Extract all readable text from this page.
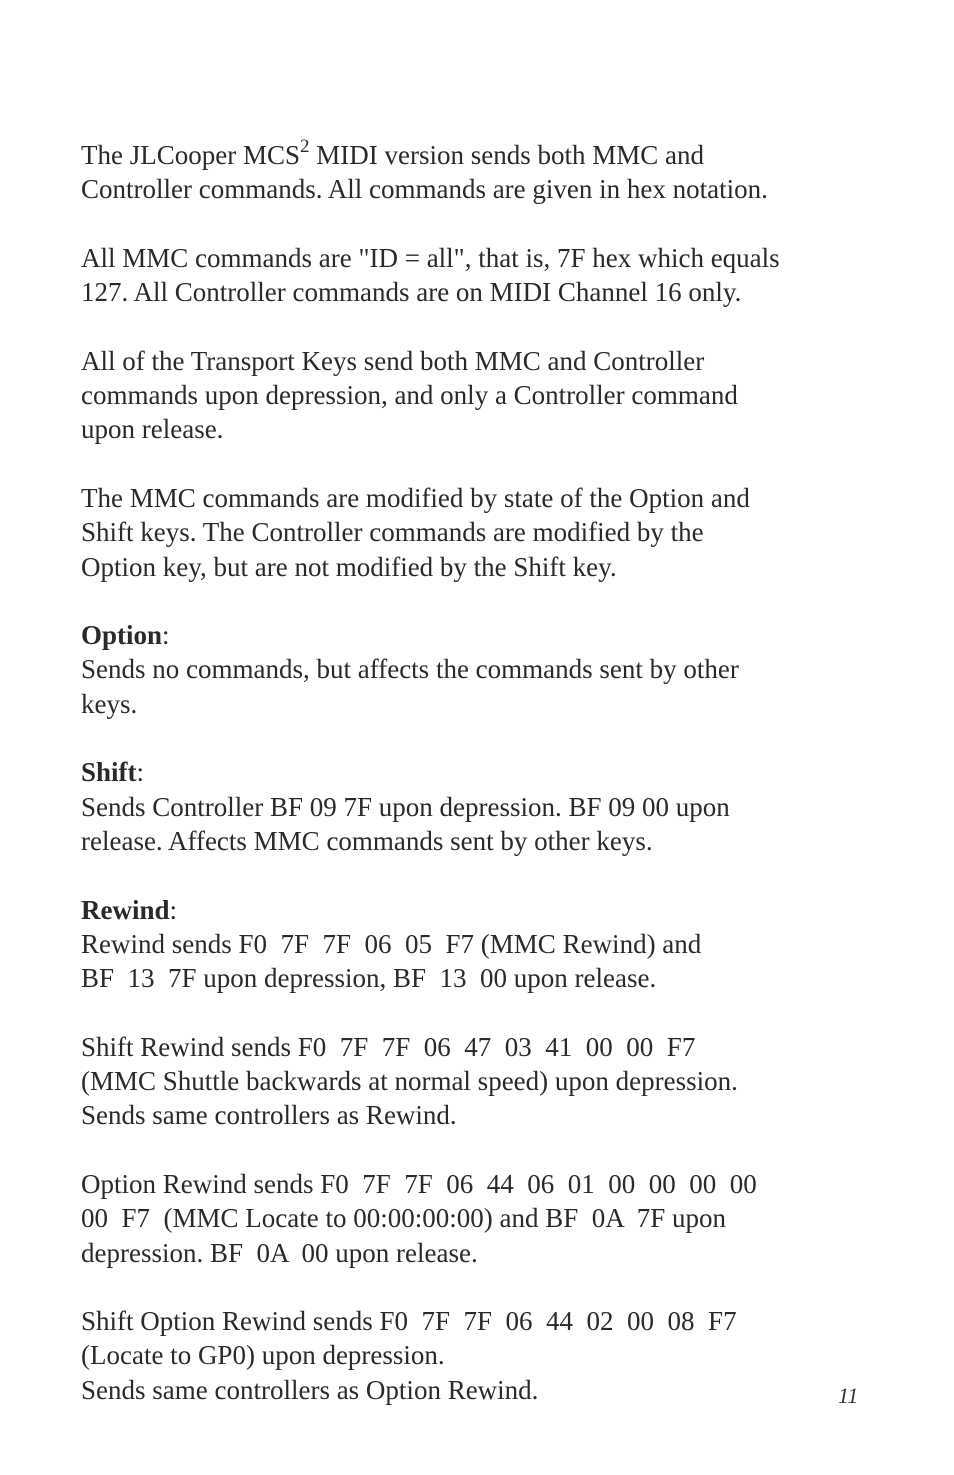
The JLCooper MCS$^2$ MIDI version sends both MMC and
Controller commands. All commands are given in hex notation.

All MMC commands are "ID = all", that is, 7F hex which equals
127. All Controller commands are on MIDI Channel 16 only.

All of the Transport Keys send both MMC and Controller
commands upon depression, and only a Controller command
upon release.

The MMC commands are modified by state of the Option and
Shift keys. The Controller commands are modified by the
Option key, but are not modified by the Shift key.

Option:
Sends no commands, but affects the commands sent by other
keys.

Shift:
Sends Controller BF 09 7F upon depression. BF 09 00 upon
release. Affects MMC commands sent by other keys.

Rewind:
Rewind sends F0  7F  7F  06  05  F7 (MMC Rewind) and
BF  13  7F upon depression, BF  13  00 upon release.

Shift Rewind sends F0  7F  7F  06  47  03  41  00  00  F7
(MMC Shuttle backwards at normal speed) upon depression.
Sends same controllers as Rewind.

Option Rewind sends F0  7F  7F  06  44  06  01  00  00  00  00
00  F7  (MMC Locate to 00:00:00:00) and BF  0A  7F upon
depression. BF  0A  00 upon release.

Shift Option Rewind sends F0  7F  7F  06  44  02  00  08  F7
(Locate to GP0) upon depression.
Sends same controllers as Option Rewind.	11
